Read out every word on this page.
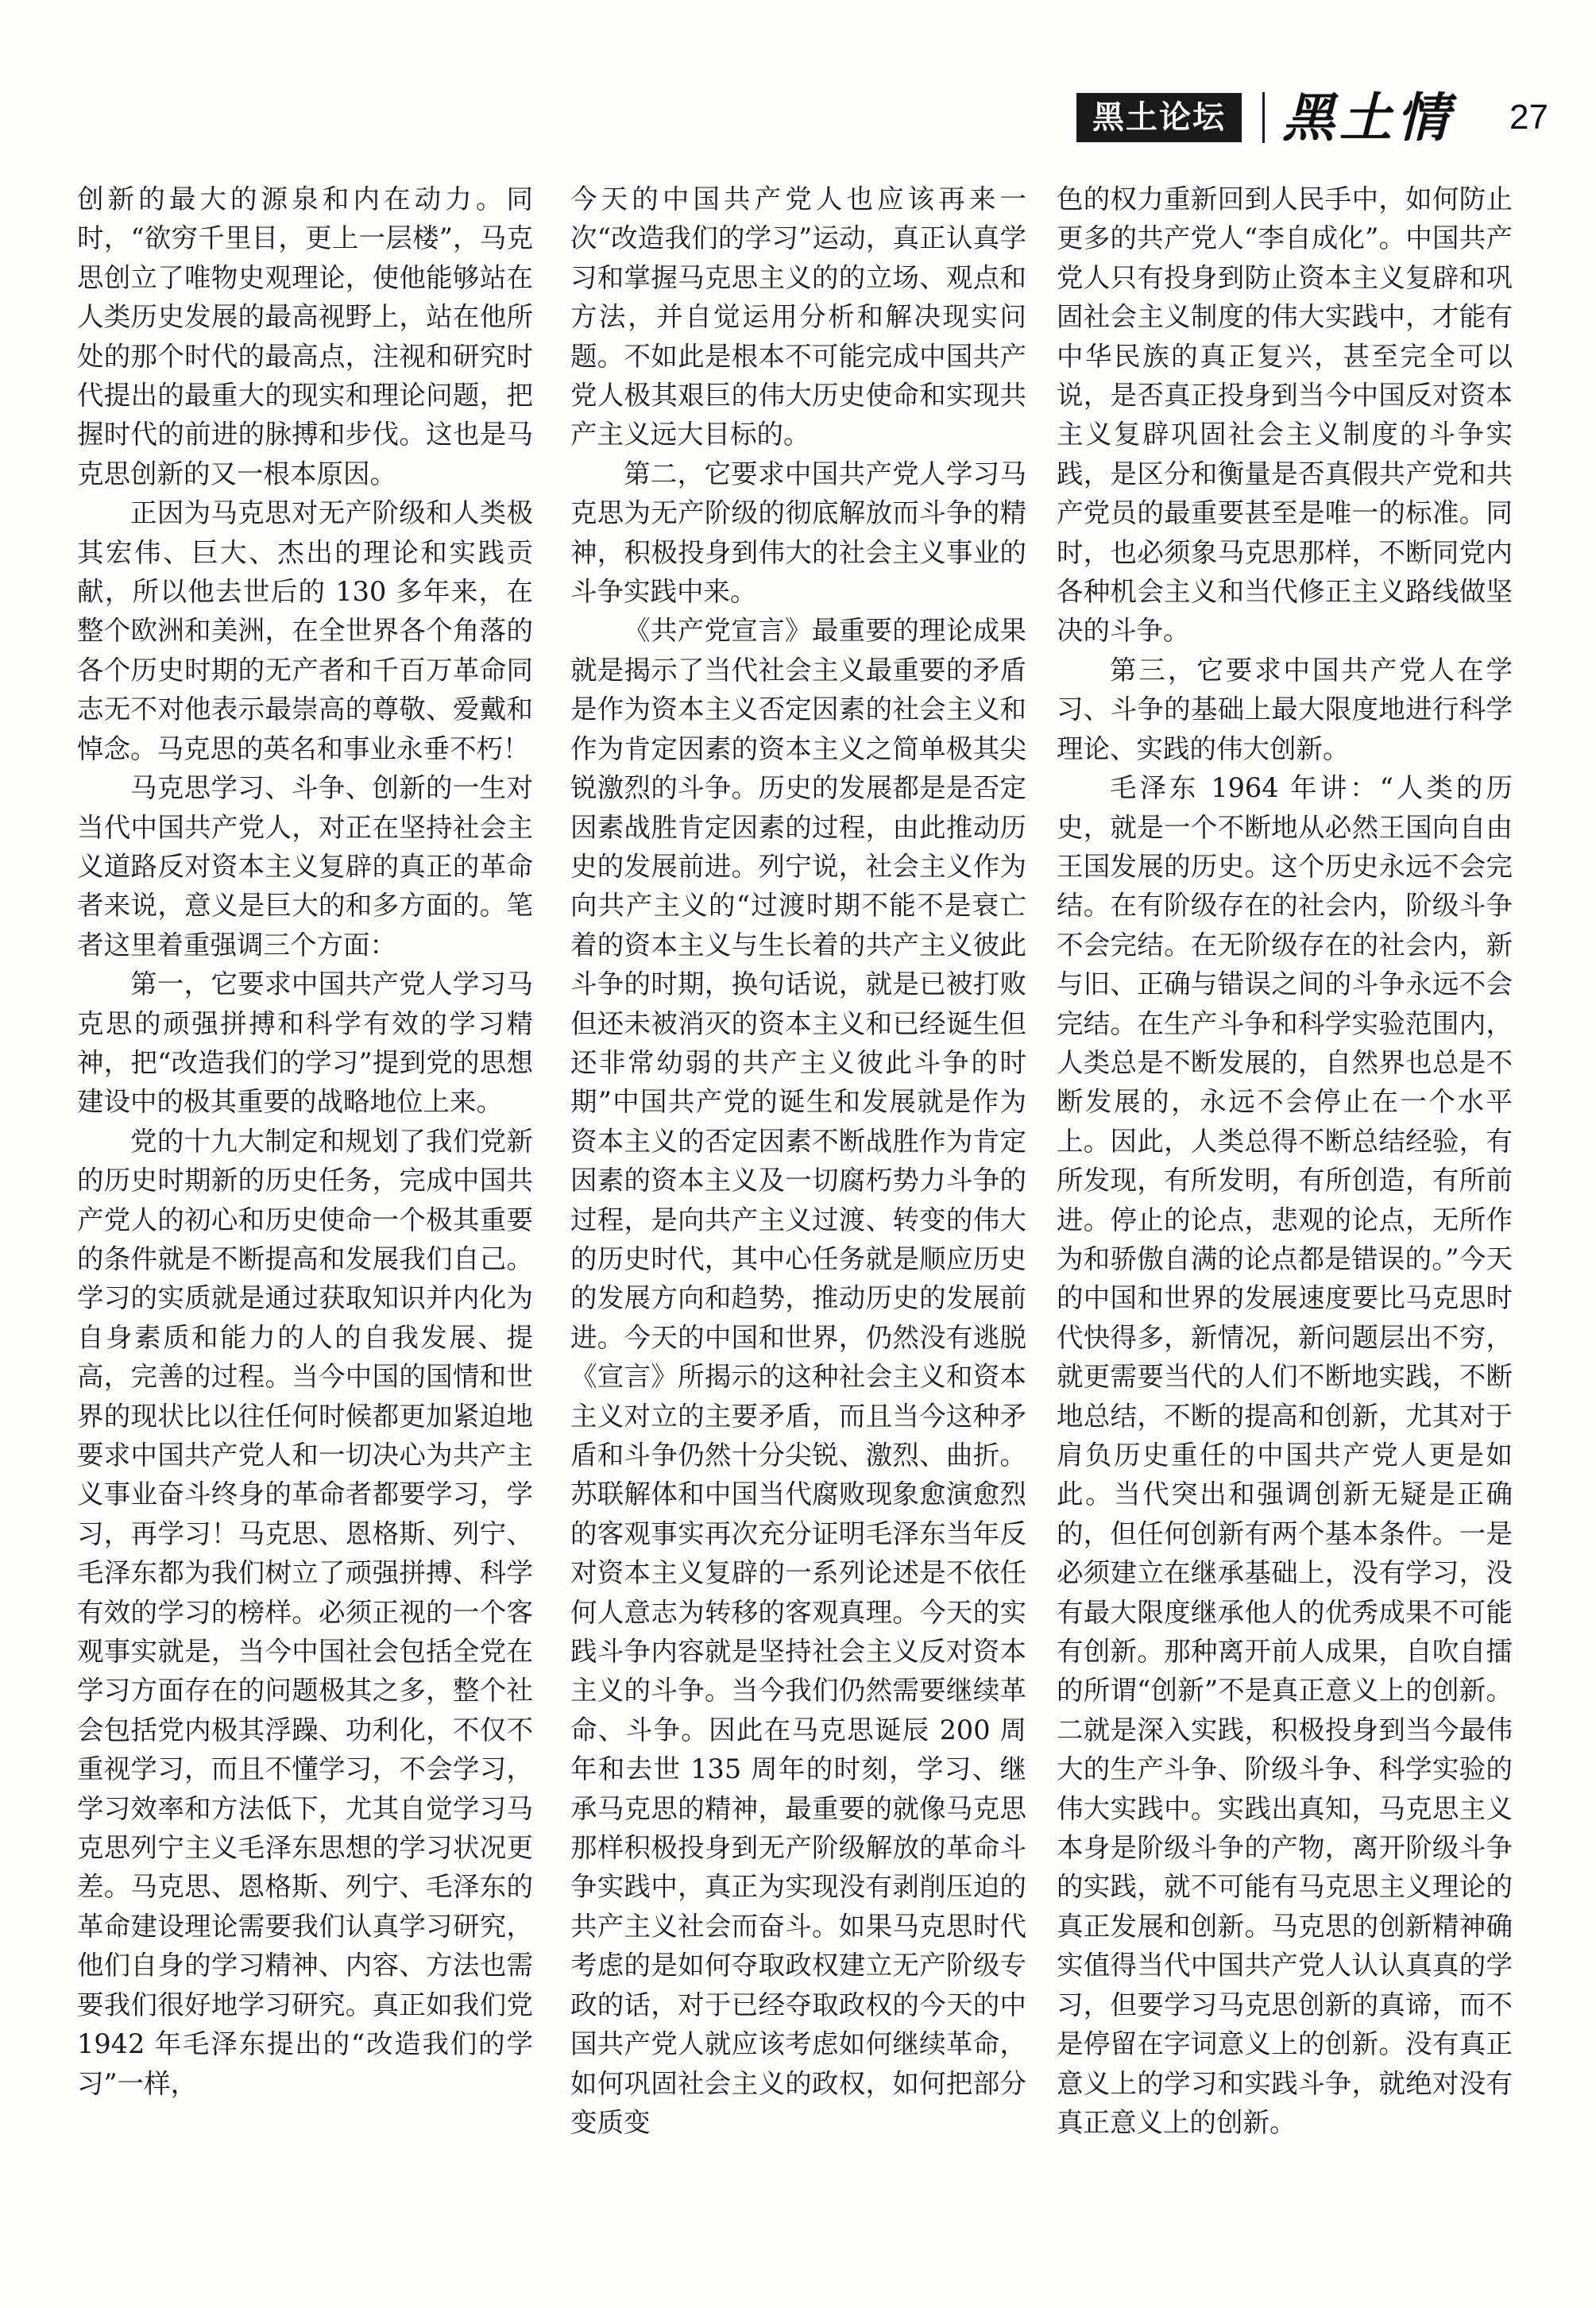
黑土论坛	黑土情 27

创新的最大的源泉和内在动力。同时，“欲穷千里目，更上一层楼”，马克思创立了唯物史观理论，使他能够站在人类历史发展的最高视野上，站在他所处的那个时代的最高点，注视和研究时代提出的最重大的现实和理论问题，把握时代的前进的脉搏和步伐。这也是马克思创新的又一根本原因。

正因为马克思对无产阶级和人类极其宏伟、巨大、杰出的理论和实践贡献，所以他去世后的 130 多年来，在整个欧洲和美洲，在全世界各个角落的各个历史时期的无产者和千百万革命同志无不对他表示最崇高的尊敬、爱戴和悼念。马克思的英名和事业永垂不朽！

马克思学习、斗争、创新的一生对当代中国共产党人，对正在坚持社会主义道路反对资本主义复辟的真正的革命者来说，意义是巨大的和多方面的。笔者这里着重强调三个方面：

第一，它要求中国共产党人学习马克思的顽强拼搏和科学有效的学习精神，把“改造我们的学习”提到党的思想建设中的极其重要的战略地位上来。

党的十九大制定和规划了我们党新的历史时期新的历史任务，完成中国共产党人的初心和历史使命一个极其重要的条件就是不断提高和发展我们自己。学习的实质就是通过获取知识并内化为自身素质和能力的人的自我发展、提高，完善的过程。当今中国的国情和世界的现状比以往任何时候都更加紧迫地要求中国共产党人和一切决心为共产主义事业奋斗终身的革命者都要学习，学习，再学习！马克思、恩格斯、列宁、毛泽东都为我们树立了顽强拼搏、科学有效的学习的榜样。必须正视的一个客观事实就是，当今中国社会包括全党在学习方面存在的问题极其之多，整个社会包括党内极其浮躁、功利化，不仅不重视学习，而且不懂学习，不会学习，学习效率和方法低下，尤其自觉学习马克思列宁主义毛泽东思想的学习状况更差。马克思、恩格斯、列宁、毛泽东的革命建设理论需要我们认真学习研究，他们自身的学习精神、内容、方法也需要我们很好地学习研究。真正如我们党 1942 年毛泽东提出的“改造我们的学习”一样，

今天的中国共产党人也应该再来一次“改造我们的学习”运动，真正认真学习和掌握马克思主义的的立场、观点和方法，并自觉运用分析和解决现实问题。不如此是根本不可能完成中国共产党人极其艰巨的伟大历史使命和实现共产主义远大目标的。

第二，它要求中国共产党人学习马克思为无产阶级的彻底解放而斗争的精神，积极投身到伟大的社会主义事业的斗争实践中来。

《共产党宣言》最重要的理论成果就是揭示了当代社会主义最重要的矛盾是作为资本主义否定因素的社会主义和作为肯定因素的资本主义之简单极其尖锐激烈的斗争。历史的发展都是是否定因素战胜肯定因素的过程，由此推动历史的发展前进。列宁说，社会主义作为向共产主义的“过渡时期不能不是衰亡着的资本主义与生长着的共产主义彼此斗争的时期，换句话说，就是已被打败但还未被消灭的资本主义和已经诞生但还非常幼弱的共产主义彼此斗争的时期”中国共产党的诞生和发展就是作为资本主义的否定因素不断战胜作为肯定因素的资本主义及一切腐朽势力斗争的过程，是向共产主义过渡、转变的伟大的历史时代，其中心任务就是顺应历史的发展方向和趋势，推动历史的发展前进。今天的中国和世界，仍然没有逃脱《宣言》所揭示的这种社会主义和资本主义对立的主要矛盾，而且当今这种矛盾和斗争仍然十分尖锐、激烈、曲折。苏联解体和中国当代腐败现象愈演愈烈的客观事实再次充分证明毛泽东当年反对资本主义复辟的一系列论述是不依任何人意志为转移的客观真理。今天的实践斗争内容就是坚持社会主义反对资本主义的斗争。当今我们仍然需要继续革命、斗争。因此在马克思诞辰 200 周年和去世 135 周年的时刻，学习、继承马克思的精神，最重要的就像马克思那样积极投身到无产阶级解放的革命斗争实践中，真正为实现没有剥削压迫的共产主义社会而奋斗。如果马克思时代考虑的是如何夺取政权建立无产阶级专政的话，对于已经夺取政权的今天的中国共产党人就应该考虑如何继续革命，如何巩固社会主义的政权，如何把部分变质变

色的权力重新回到人民手中，如何防止更多的共产党人“李自成化”。中国共产党人只有投身到防止资本主义复辟和巩固社会主义制度的伟大实践中，才能有中华民族的真正复兴，甚至完全可以说，是否真正投身到当今中国反对资本主义复辟巩固社会主义制度的斗争实践，是区分和衡量是否真假共产党和共产党员的最重要甚至是唯一的标准。同时，也必须象马克思那样，不断同党内各种机会主义和当代修正主义路线做坚决的斗争。

第三，它要求中国共产党人在学习、斗争的基础上最大限度地进行科学理论、实践的伟大创新。

毛泽东 1964 年讲：“人类的历史，就是一个不断地从必然王国向自由王国发展的历史。这个历史永远不会完结。在有阶级存在的社会内，阶级斗争不会完结。在无阶级存在的社会内，新与旧、正确与错误之间的斗争永远不会完结。在生产斗争和科学实验范围内，人类总是不断发展的，自然界也总是不断发展的，永远不会停止在一个水平上。因此，人类总得不断总结经验，有所发现，有所发明，有所创造，有所前进。停止的论点，悲观的论点，无所作为和骄傲自满的论点都是错误的。”今天的中国和世界的发展速度要比马克思时代快得多，新情况，新问题层出不穷，就更需要当代的人们不断地实践，不断地总结，不断的提高和创新，尤其对于肩负历史重任的中国共产党人更是如此。当代突出和强调创新无疑是正确的，但任何创新有两个基本条件。一是必须建立在继承基础上，没有学习，没有最大限度继承他人的优秀成果不可能有创新。那种离开前人成果，自吹自擂的所谓“创新”不是真正意义上的创新。二就是深入实践，积极投身到当今最伟大的生产斗争、阶级斗争、科学实验的伟大实践中。实践出真知，马克思主义本身是阶级斗争的产物，离开阶级斗争的实践，就不可能有马克思主义理论的真正发展和创新。马克思的创新精神确实值得当代中国共产党人认认真真的学习，但要学习马克思创新的真谛，而不是停留在字词意义上的创新。没有真正意义上的学习和实践斗争，就绝对没有真正意义上的创新。
